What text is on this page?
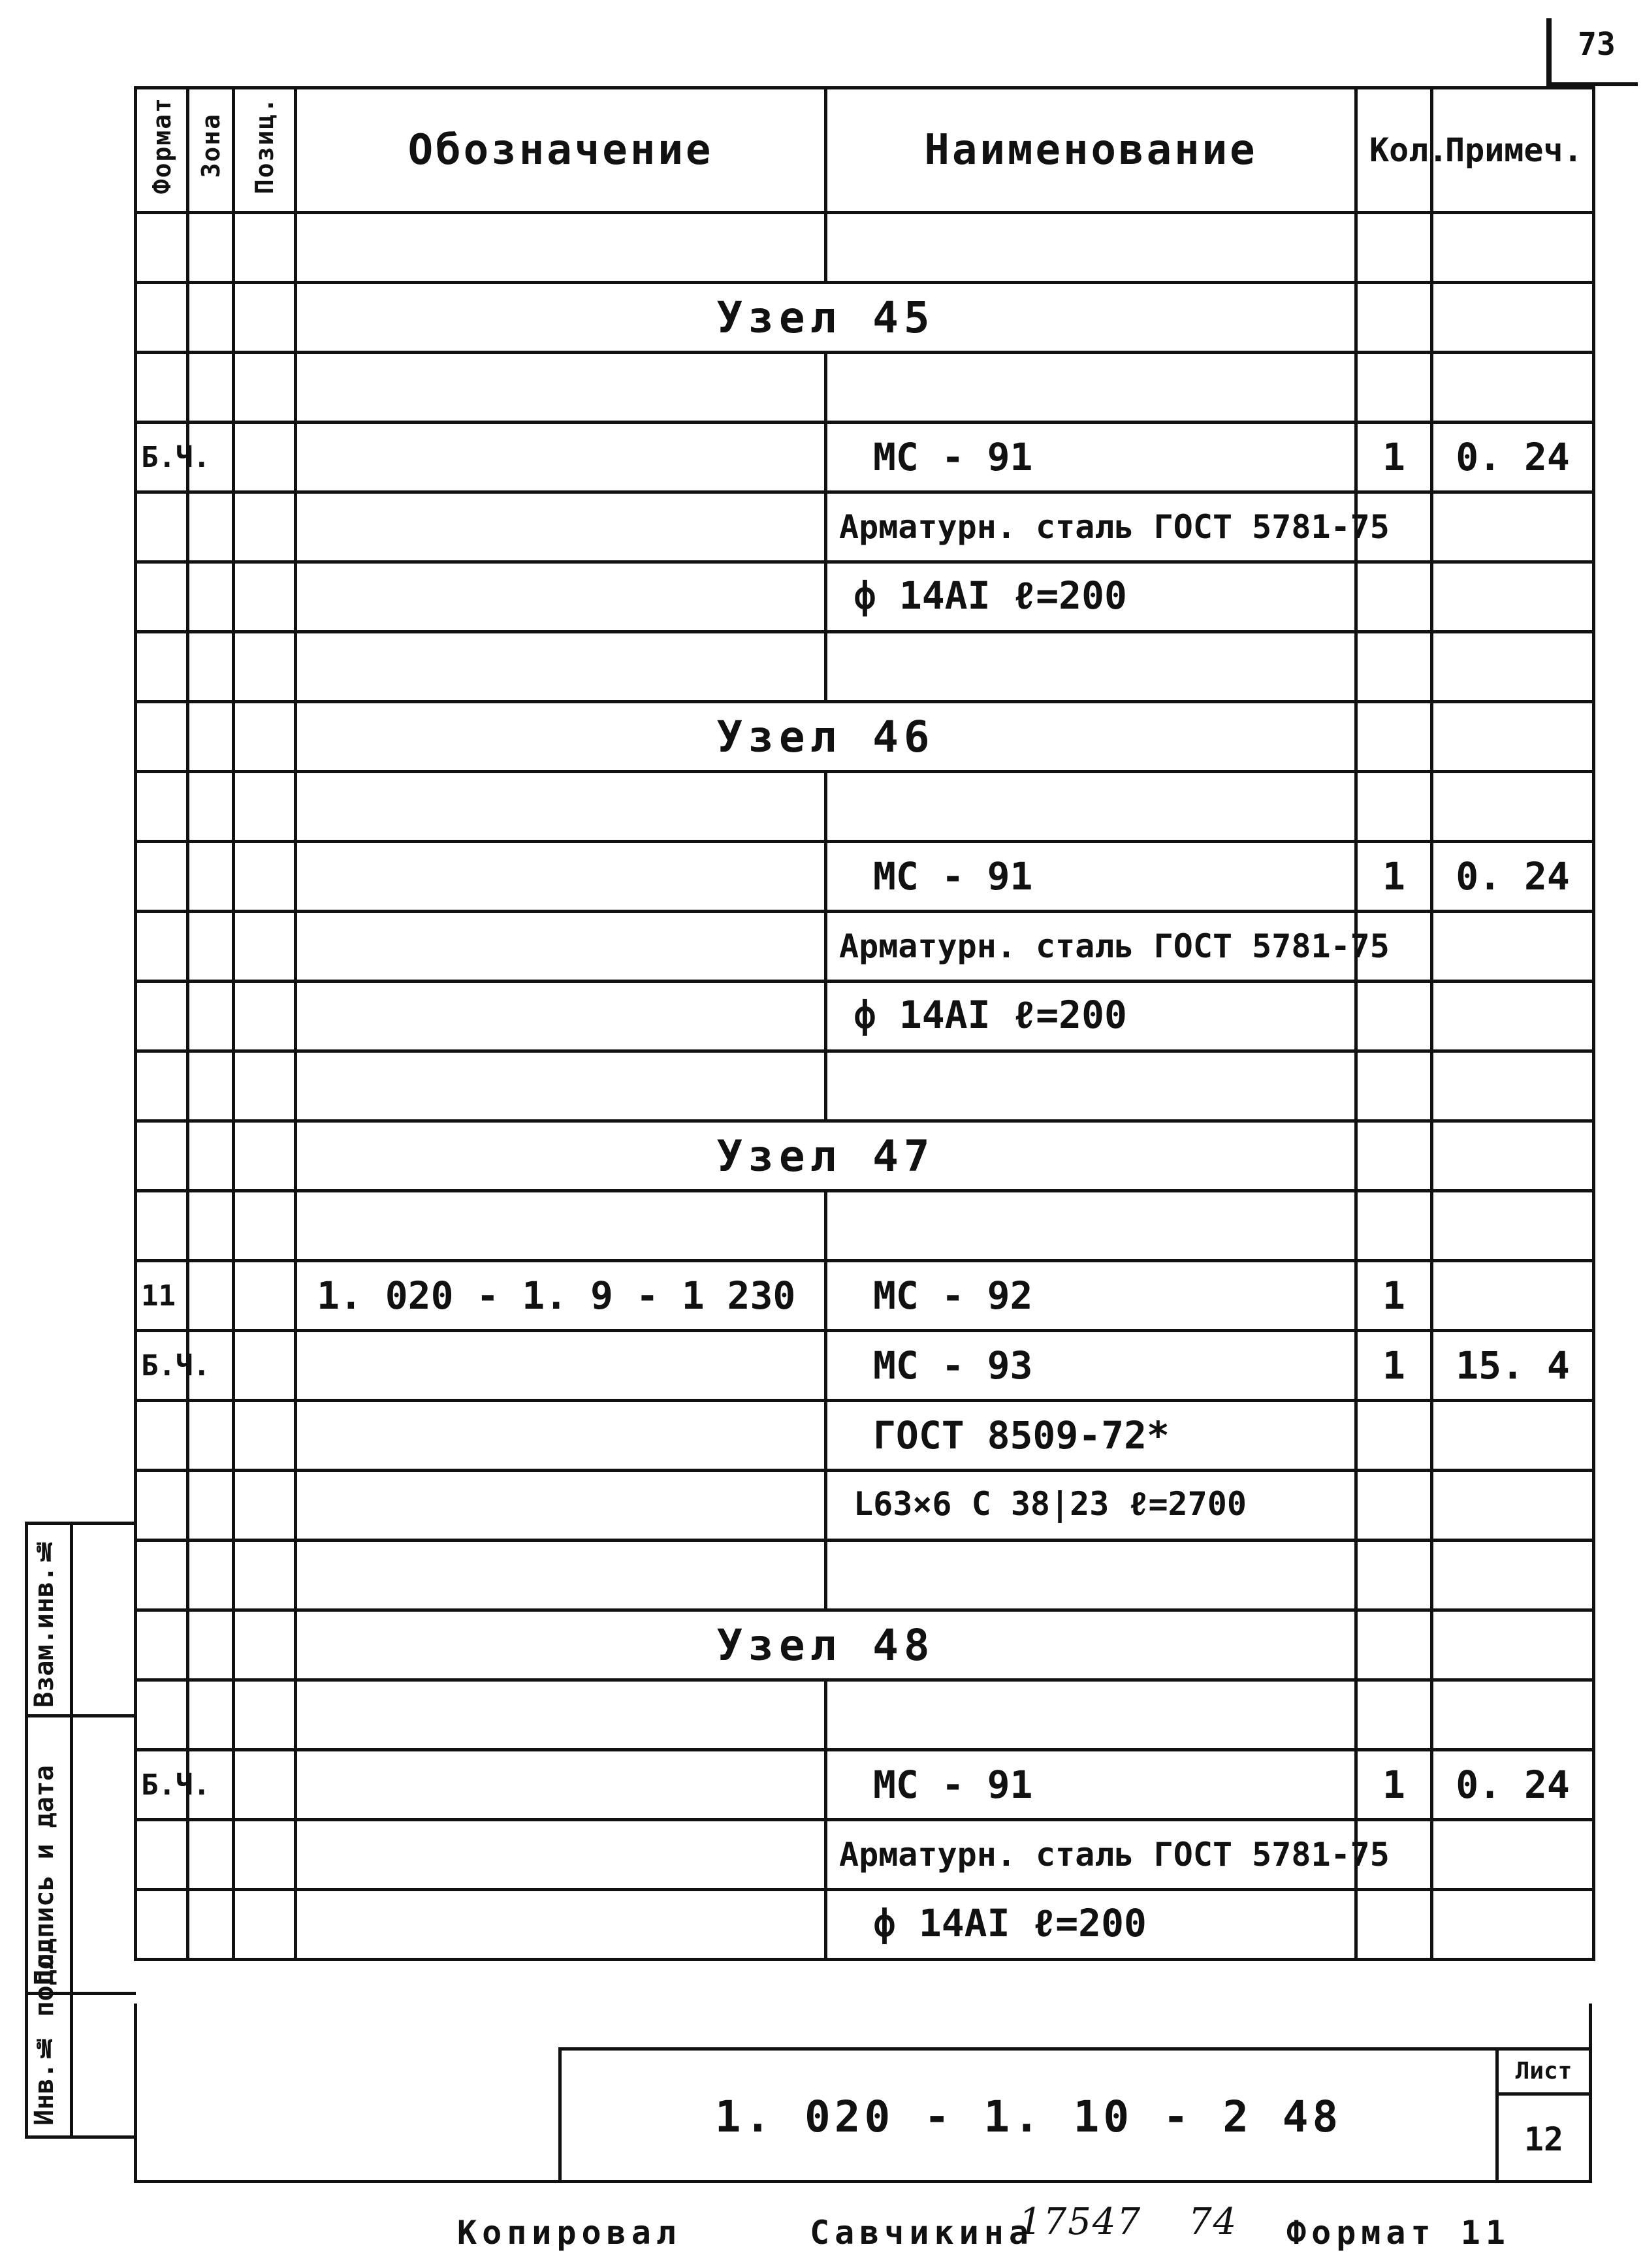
73
Формат	Зона	Позиц.	Обозначение	Наименование	Кол.	Примеч.

			Узел 45			

Б.Ч.				МС - 91	1	0. 24
				Арматурн. сталь ГОСТ 5781-75		
				ф 14АI ℓ=200		

			Узел 46			

				МС - 91	1	0. 24
				Арматурн. сталь ГОСТ 5781-75		
				ф 14АI ℓ=200		

			Узел 47			

11			1. 020 - 1. 9 - 1 230	МС - 92	1	
Б.Ч.				МС - 93	1	15. 4
				ГОСТ 8509-72*		
				L63×6 С 38|23 ℓ=2700		

			Узел 48			

Б.Ч.				МС - 91	1	0. 24
				Арматурн. сталь ГОСТ 5781-75		
				ф 14АI ℓ=200		
Взам.инв.№
Подпись и дата
Инв.№ подл.	1. 020 - 1. 10 - 2 48
Лист
12
Копировал	Савчикина
17547 74 Формат 11
